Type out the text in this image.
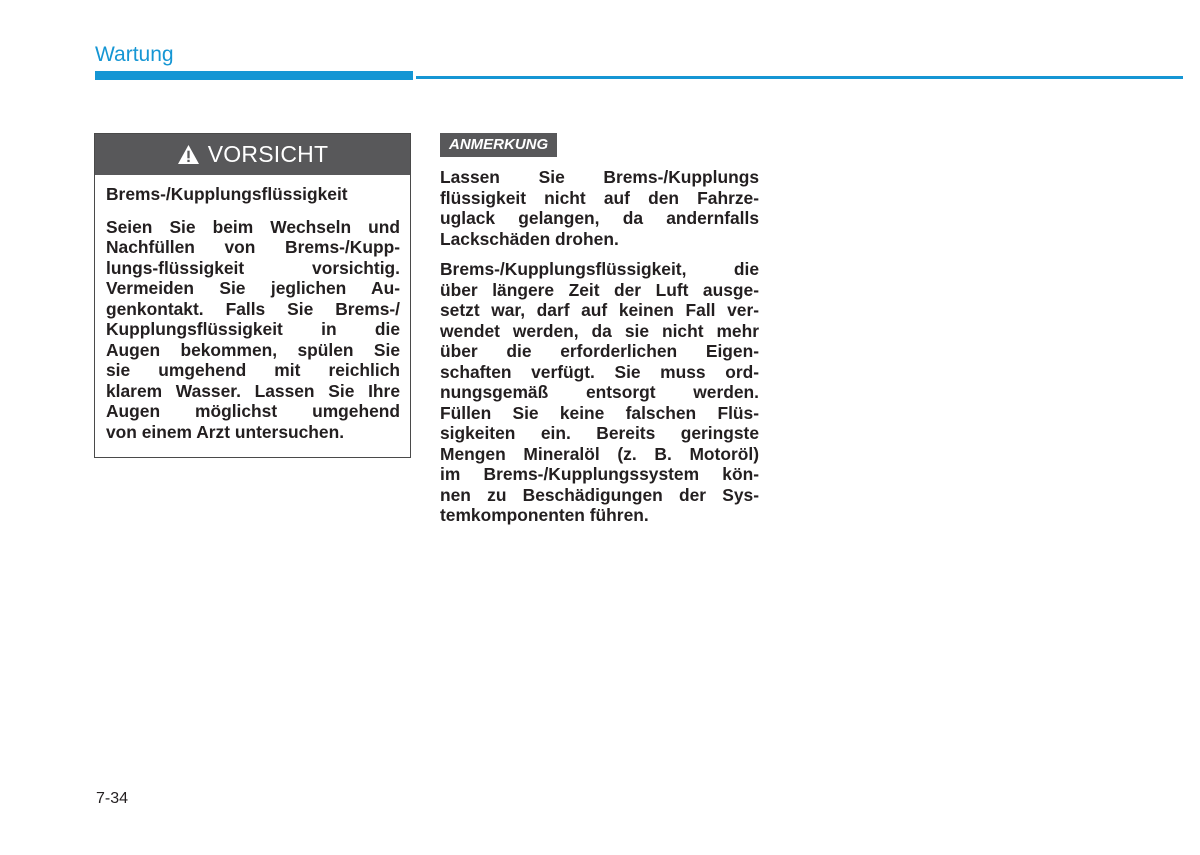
Wartung
VORSICHT

Brems-/Kupplungsflüssigkeit

Seien Sie beim Wechseln und
Nachfüllen von Brems-/Kupp-
lungs-flüssigkeit vorsichtig.
Vermeiden Sie jeglichen Au-
genkontakt. Falls Sie Brems-/
Kupplungsflüssigkeit in die
Augen bekommen, spülen Sie
sie umgehend mit reichlich
klarem Wasser. Lassen Sie Ihre
Augen möglichst umgehend
von einem Arzt untersuchen.

ANMERKUNG

Lassen Sie Brems-/Kupplungs
flüssigkeit nicht auf den Fahrze-
uglack gelangen, da andernfalls
Lackschäden drohen.

Brems-/Kupplungsflüssigkeit, die
über längere Zeit der Luft ausge-
setzt war, darf auf keinen Fall ver-
wendet werden, da sie nicht mehr
über die erforderlichen Eigen-
schaften verfügt. Sie muss ord-
nungsgemäß entsorgt werden.
Füllen Sie keine falschen Flüs-
sigkeiten ein. Bereits geringste
Mengen Mineralöl (z. B. Motoröl)
im Brems-/Kupplungssystem kön-
nen zu Beschädigungen der Sys-
temkomponenten führen.

7-34
